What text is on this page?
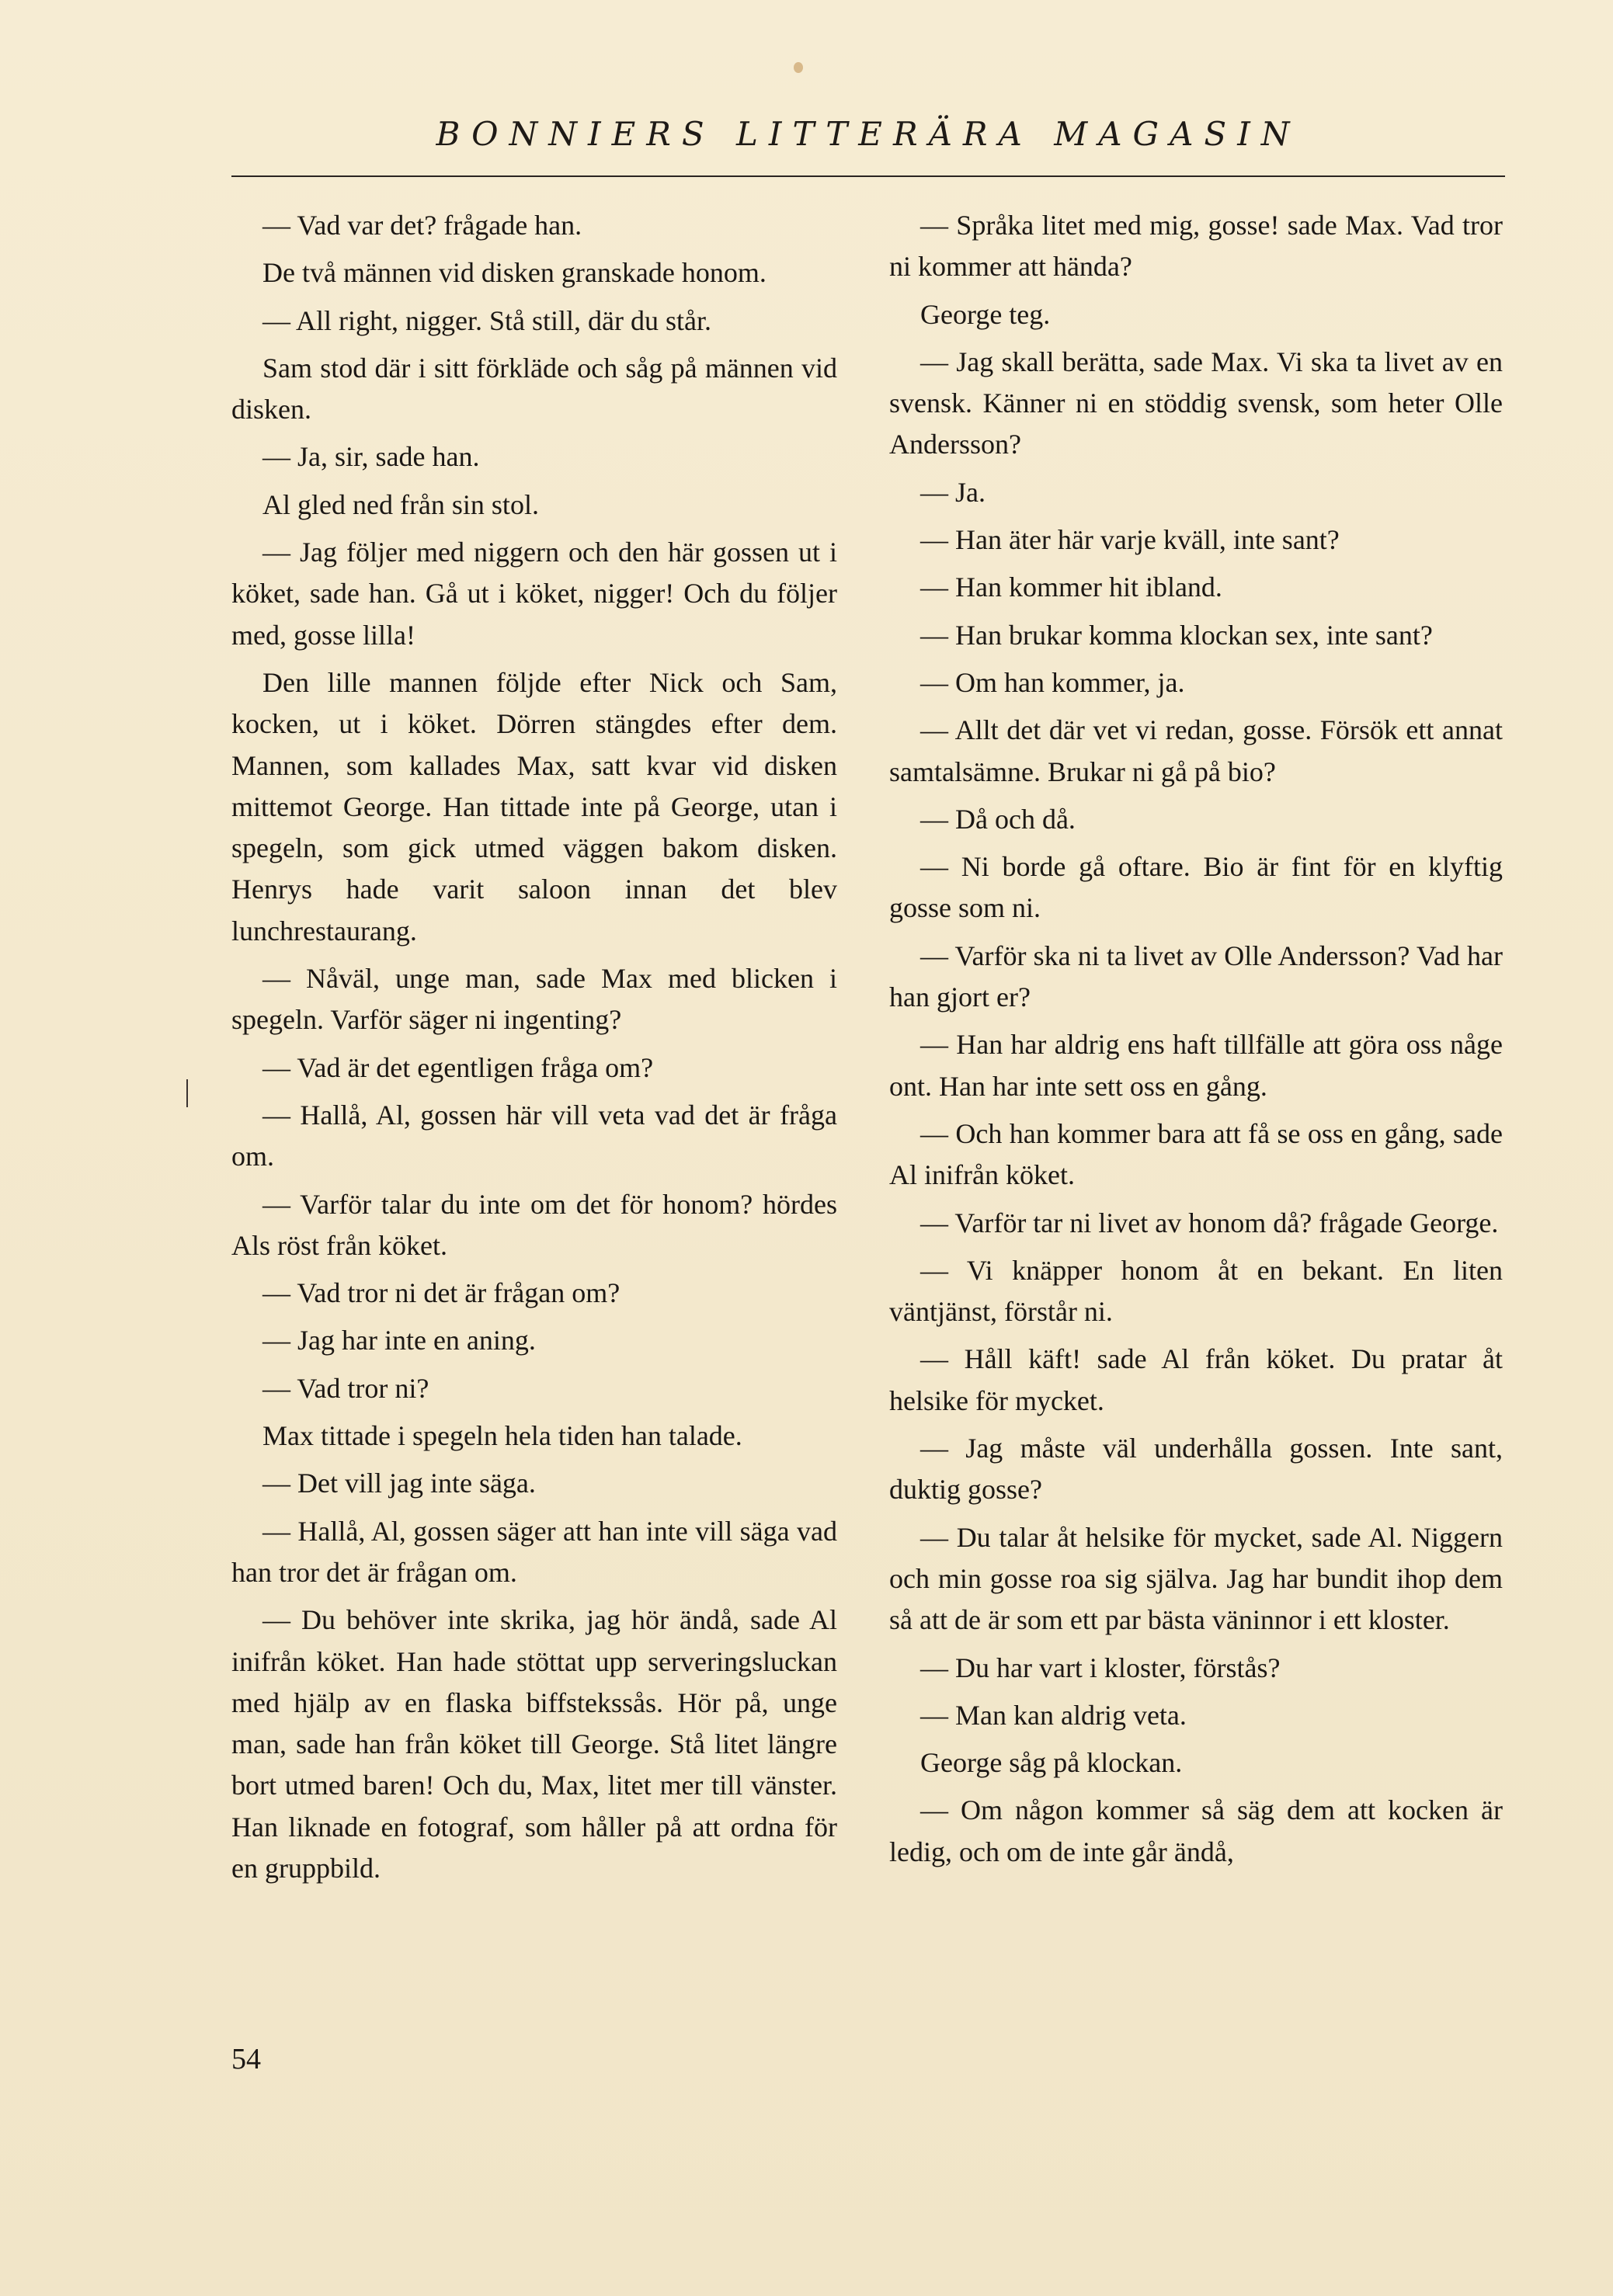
BONNIERS LITTERÄRA MAGASIN

— Vad var det? frågade han.

De två männen vid disken granskade honom.

— All right, nigger. Stå still, där du står.

Sam stod där i sitt förkläde och såg på männen vid disken.

— Ja, sir, sade han.

Al gled ned från sin stol.

— Jag följer med niggern och den här gossen ut i köket, sade han. Gå ut i köket, nigger! Och du följer med, gosse lilla!

Den lille mannen följde efter Nick och Sam, kocken, ut i köket. Dörren stängdes efter dem. Mannen, som kallades Max, satt kvar vid disken mittemot George. Han tittade inte på George, utan i spegeln, som gick utmed väggen bakom disken. Henrys hade varit saloon innan det blev lunchrestaurang.

— Nåväl, unge man, sade Max med blicken i spegeln. Varför säger ni ingenting?

— Vad är det egentligen fråga om?

— Hallå, Al, gossen här vill veta vad det är fråga om.

— Varför talar du inte om det för honom? hördes Als röst från köket.

— Vad tror ni det är frågan om?

— Jag har inte en aning.

— Vad tror ni?

Max tittade i spegeln hela tiden han talade.

— Det vill jag inte säga.

— Hallå, Al, gossen säger att han inte vill säga vad han tror det är frågan om.

— Du behöver inte skrika, jag hör ändå, sade Al inifrån köket. Han hade stöttat upp serveringsluckan med hjälp av en flaska biffstekssås. Hör på, unge man, sade han från köket till George. Stå litet längre bort utmed baren! Och du, Max, litet mer till vänster. Han liknade en fotograf, som håller på att ordna för en gruppbild.

— Språka litet med mig, gosse! sade Max. Vad tror ni kommer att hända?

George teg.

— Jag skall berätta, sade Max. Vi ska ta livet av en svensk. Känner ni en stöddig svensk, som heter Olle Andersson?

— Ja.

— Han äter här varje kväll, inte sant?

— Han kommer hit ibland.

— Han brukar komma klockan sex, inte sant?

— Om han kommer, ja.

— Allt det där vet vi redan, gosse. Försök ett annat samtalsämne. Brukar ni gå på bio?

— Då och då.

— Ni borde gå oftare. Bio är fint för en klyftig gosse som ni.

— Varför ska ni ta livet av Olle Andersson? Vad har han gjort er?

— Han har aldrig ens haft tillfälle att göra oss någe ont. Han har inte sett oss en gång.

— Och han kommer bara att få se oss en gång, sade Al inifrån köket.

— Varför tar ni livet av honom då? frågade George.

— Vi knäpper honom åt en bekant. En liten väntjänst, förstår ni.

— Håll käft! sade Al från köket. Du pratar åt helsike för mycket.

— Jag måste väl underhålla gossen. Inte sant, duktig gosse?

— Du talar åt helsike för mycket, sade Al. Niggern och min gosse roa sig själva. Jag har bundit ihop dem så att de är som ett par bästa väninnor i ett kloster.

— Du har vart i kloster, förstås?

— Man kan aldrig veta.

George såg på klockan.

— Om någon kommer så säg dem att kocken är ledig, och om de inte går ändå,

54
